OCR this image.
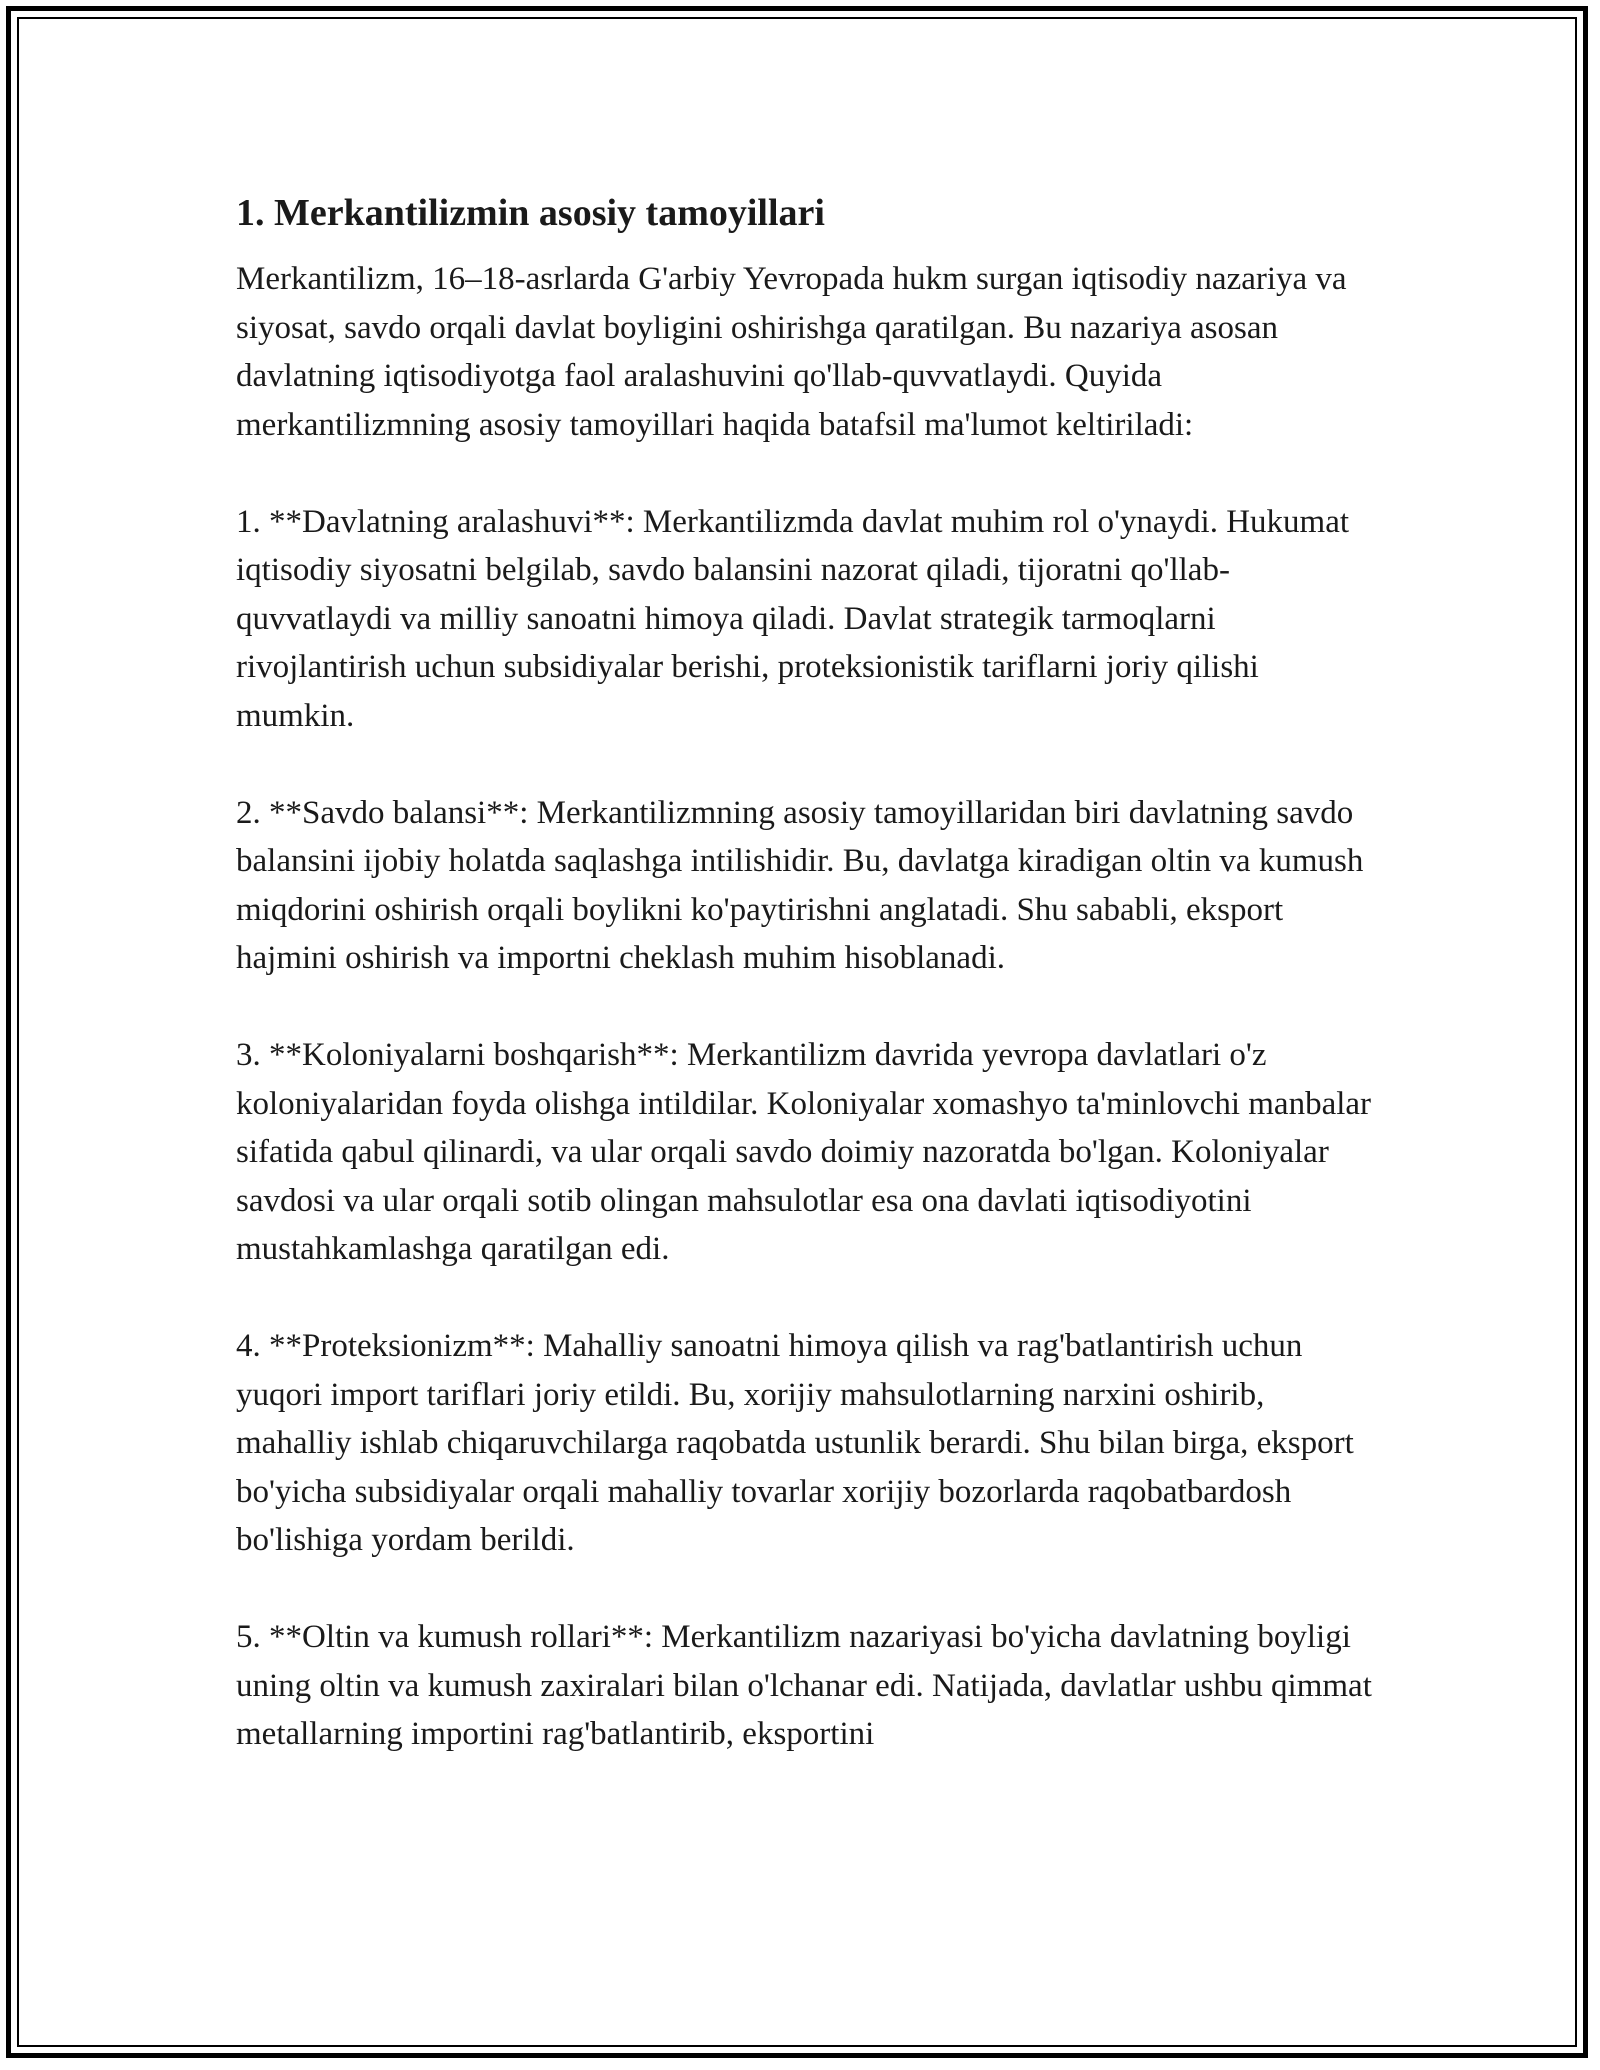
1. Merkantilizmin asosiy tamoyillari

Merkantilizm, 16–18-asrlarda G'arbiy Yevropada hukm surgan iqtisodiy nazariya va siyosat, savdo orqali davlat boyligini oshirishga qaratilgan. Bu nazariya asosan davlatning iqtisodiyotga faol aralashuvini qo'llab-quvvatlaydi. Quyida merkantilizmning asosiy tamoyillari haqida batafsil ma'lumot keltiriladi:

1. **Davlatning aralashuvi**: Merkantilizmda davlat muhim rol o'ynaydi. Hukumat iqtisodiy siyosatni belgilab, savdo balansini nazorat qiladi, tijoratni qo'llab-quvvatlaydi va milliy sanoatni himoya qiladi. Davlat strategik tarmoqlarni rivojlantirish uchun subsidiyalar berishi, proteksionistik tariflarni joriy qilishi mumkin.

2. **Savdo balansi**: Merkantilizmning asosiy tamoyillaridan biri davlatning savdo balansini ijobiy holatda saqlashga intilishidir. Bu, davlatga kiradigan oltin va kumush miqdorini oshirish orqali boylikni ko'paytirishni anglatadi. Shu sababli, eksport hajmini oshirish va importni cheklash muhim hisoblanadi.

3. **Koloniyalarni boshqarish**: Merkantilizm davrida yevropa davlatlari o'z koloniyalaridan foyda olishga intildilar. Koloniyalar xomashyo ta'minlovchi manbalar sifatida qabul qilinardi, va ular orqali savdo doimiy nazoratda bo'lgan. Koloniyalar savdosi va ular orqali sotib olingan mahsulotlar esa ona davlati iqtisodiyotini mustahkamlashga qaratilgan edi.

4. **Proteksionizm**: Mahalliy sanoatni himoya qilish va rag'batlantirish uchun yuqori import tariflari joriy etildi. Bu, xorijiy mahsulotlarning narxini oshirib, mahalliy ishlab chiqaruvchilarga raqobatda ustunlik berardi. Shu bilan birga, eksport bo'yicha subsidiyalar orqali mahalliy tovarlar xorijiy bozorlarda raqobatbardosh bo'lishiga yordam berildi.

5. **Oltin va kumush rollari**: Merkantilizm nazariyasi bo'yicha davlatning boyligi uning oltin va kumush zaxiralari bilan o'lchanar edi. Natijada, davlatlar ushbu qimmat metallarning importini rag'batlantirib, eksportini
